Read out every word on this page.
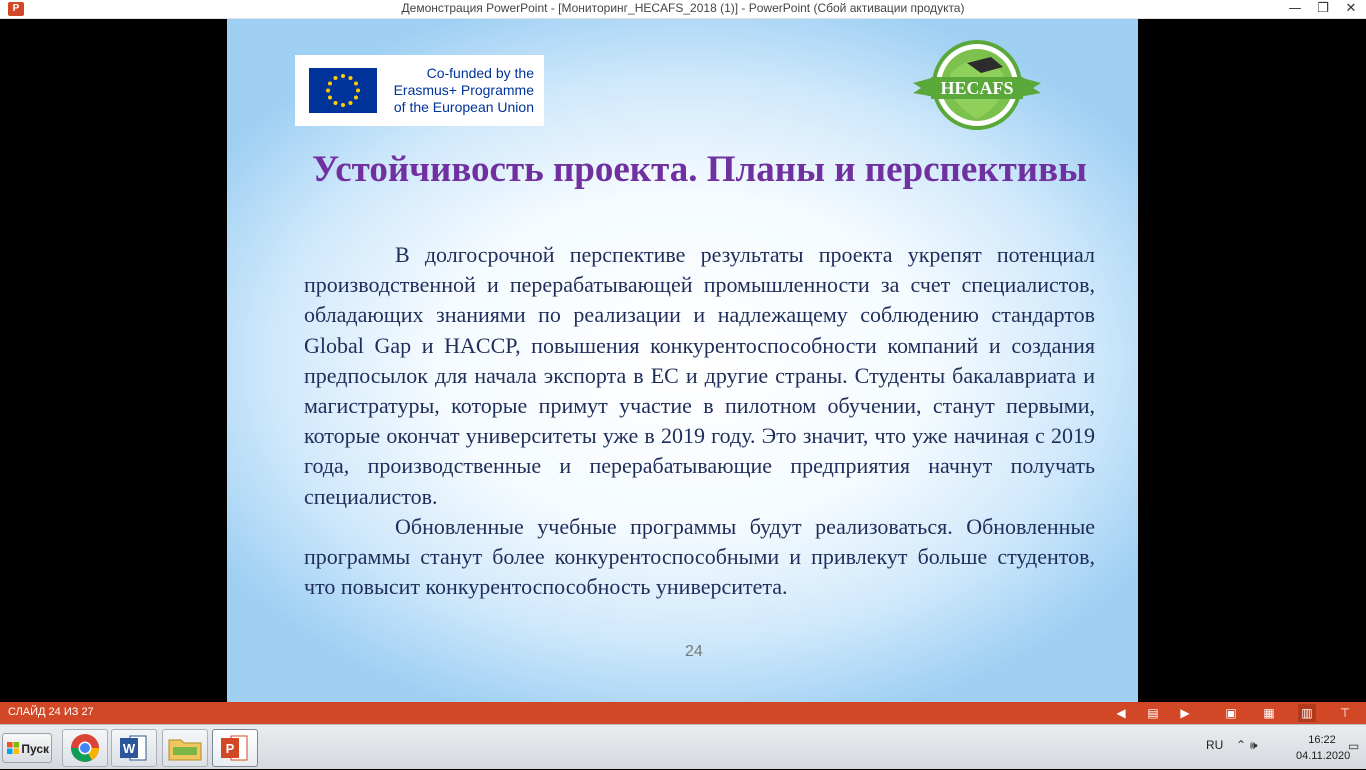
P	Демонстрация PowerPoint - [Мониторинг_HECAFS_2018 (1)] - PowerPoint (Сбой активации продукта)	—	❐	✕
Co-funded by the
Erasmus+ Programme
of the European Union
HECAFS
Устойчивость проекта. Планы и перспективы

В долгосрочной перспективе результаты проекта укрепят потенциал производственной и перерабатывающей промышленности за счет специалистов, обладающих знаниями по реализации и надлежащему соблюдению стандартов Global Gap и HACCP, повышения конкурентоспособности компаний и создания предпосылок для начала экспорта в ЕС и другие страны. Студенты бакалавриата и магистратуры, которые примут участие в пилотном обучении, станут первыми, которые окончат университеты уже в 2019 году. Это значит, что уже начиная с 2019 года, производственные и перерабатывающие предприятия начнут получать специалистов.

Обновленные учебные программы будут реализоваться. Обновленные программы станут более конкурентоспособными и привлекут больше студентов, что повысит конкурентоспособность университета.

24
СЛАЙД 24 ИЗ 27	◀	▤	▶	▣ ▦ ▥	⊤
Пуск	W	P	RU ⌃ 🕪	16:22
04.11.2020
▭
